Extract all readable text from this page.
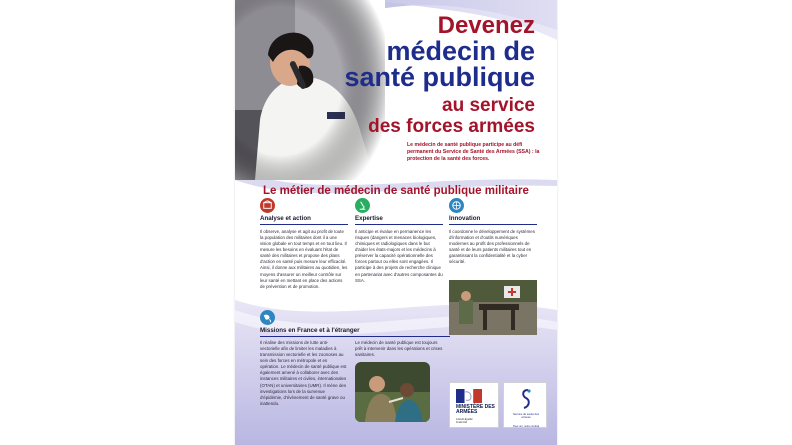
Devenez
médecin de
santé publique
au service
des forces armées
Le médecin de santé publique participe au défi permanent du Service de Santé des Armées (SSA) : la protection de la santé des forces.
Le métier de médecin de santé publique militaire
Analyse et action
Il observe, analyse et agit au profit de toute la population des militaires dont il a une vision globale en tout temps et en tout lieu. Il mesure les besoins en évaluant l'état de santé des militaires et propose des plans d'action en santé puis mesure leur efficacité. Ainsi, il donne aux militaires au quotidien, les moyens d'assurer un meilleur contrôle sur leur santé en mettant en place des actions de prévention et de promotion.
Expertise
Il anticipe et évalue en permanence les risques (dangers et menaces biologiques, chimiques et radiologiques dans le but d'aider les états-majors et les médecins à préserver la capacité opérationnelle des forces partout ou elles sont engagées. Il participe à des projets de recherche clinique en partenariat avec d'autres composantes du SSA.
Innovation
Il coordonne le développement de systèmes d'information et d'outils numériques modernes au profit des professionnels de santé et de leurs patients militaires tout en garantissant la confidentialité et la cyber sécurité.
Missions en France et à l'étranger
Il réalise des missions de lutte anti-vectorielle afin de limiter les maladies à transmission vectorielle et les zoonoses au sein des forces en métropole et en opération. Le médecin de santé publique est également amené à collaborer avec des instances militaires et civiles, internationales (OTAN) et universitaires (UMR). Il mène des investigations lors de la survenue d'épidémie, d'évènement de santé grave ou inattendu.
Le médecin de santé publique est toujours prêt à intervenir dans les opérations et crises sanitaires.
MINISTÈRE DES ARMÉES
Liberté Égalité Fraternité
Service de santé des armées
Tous uni, notre combat
